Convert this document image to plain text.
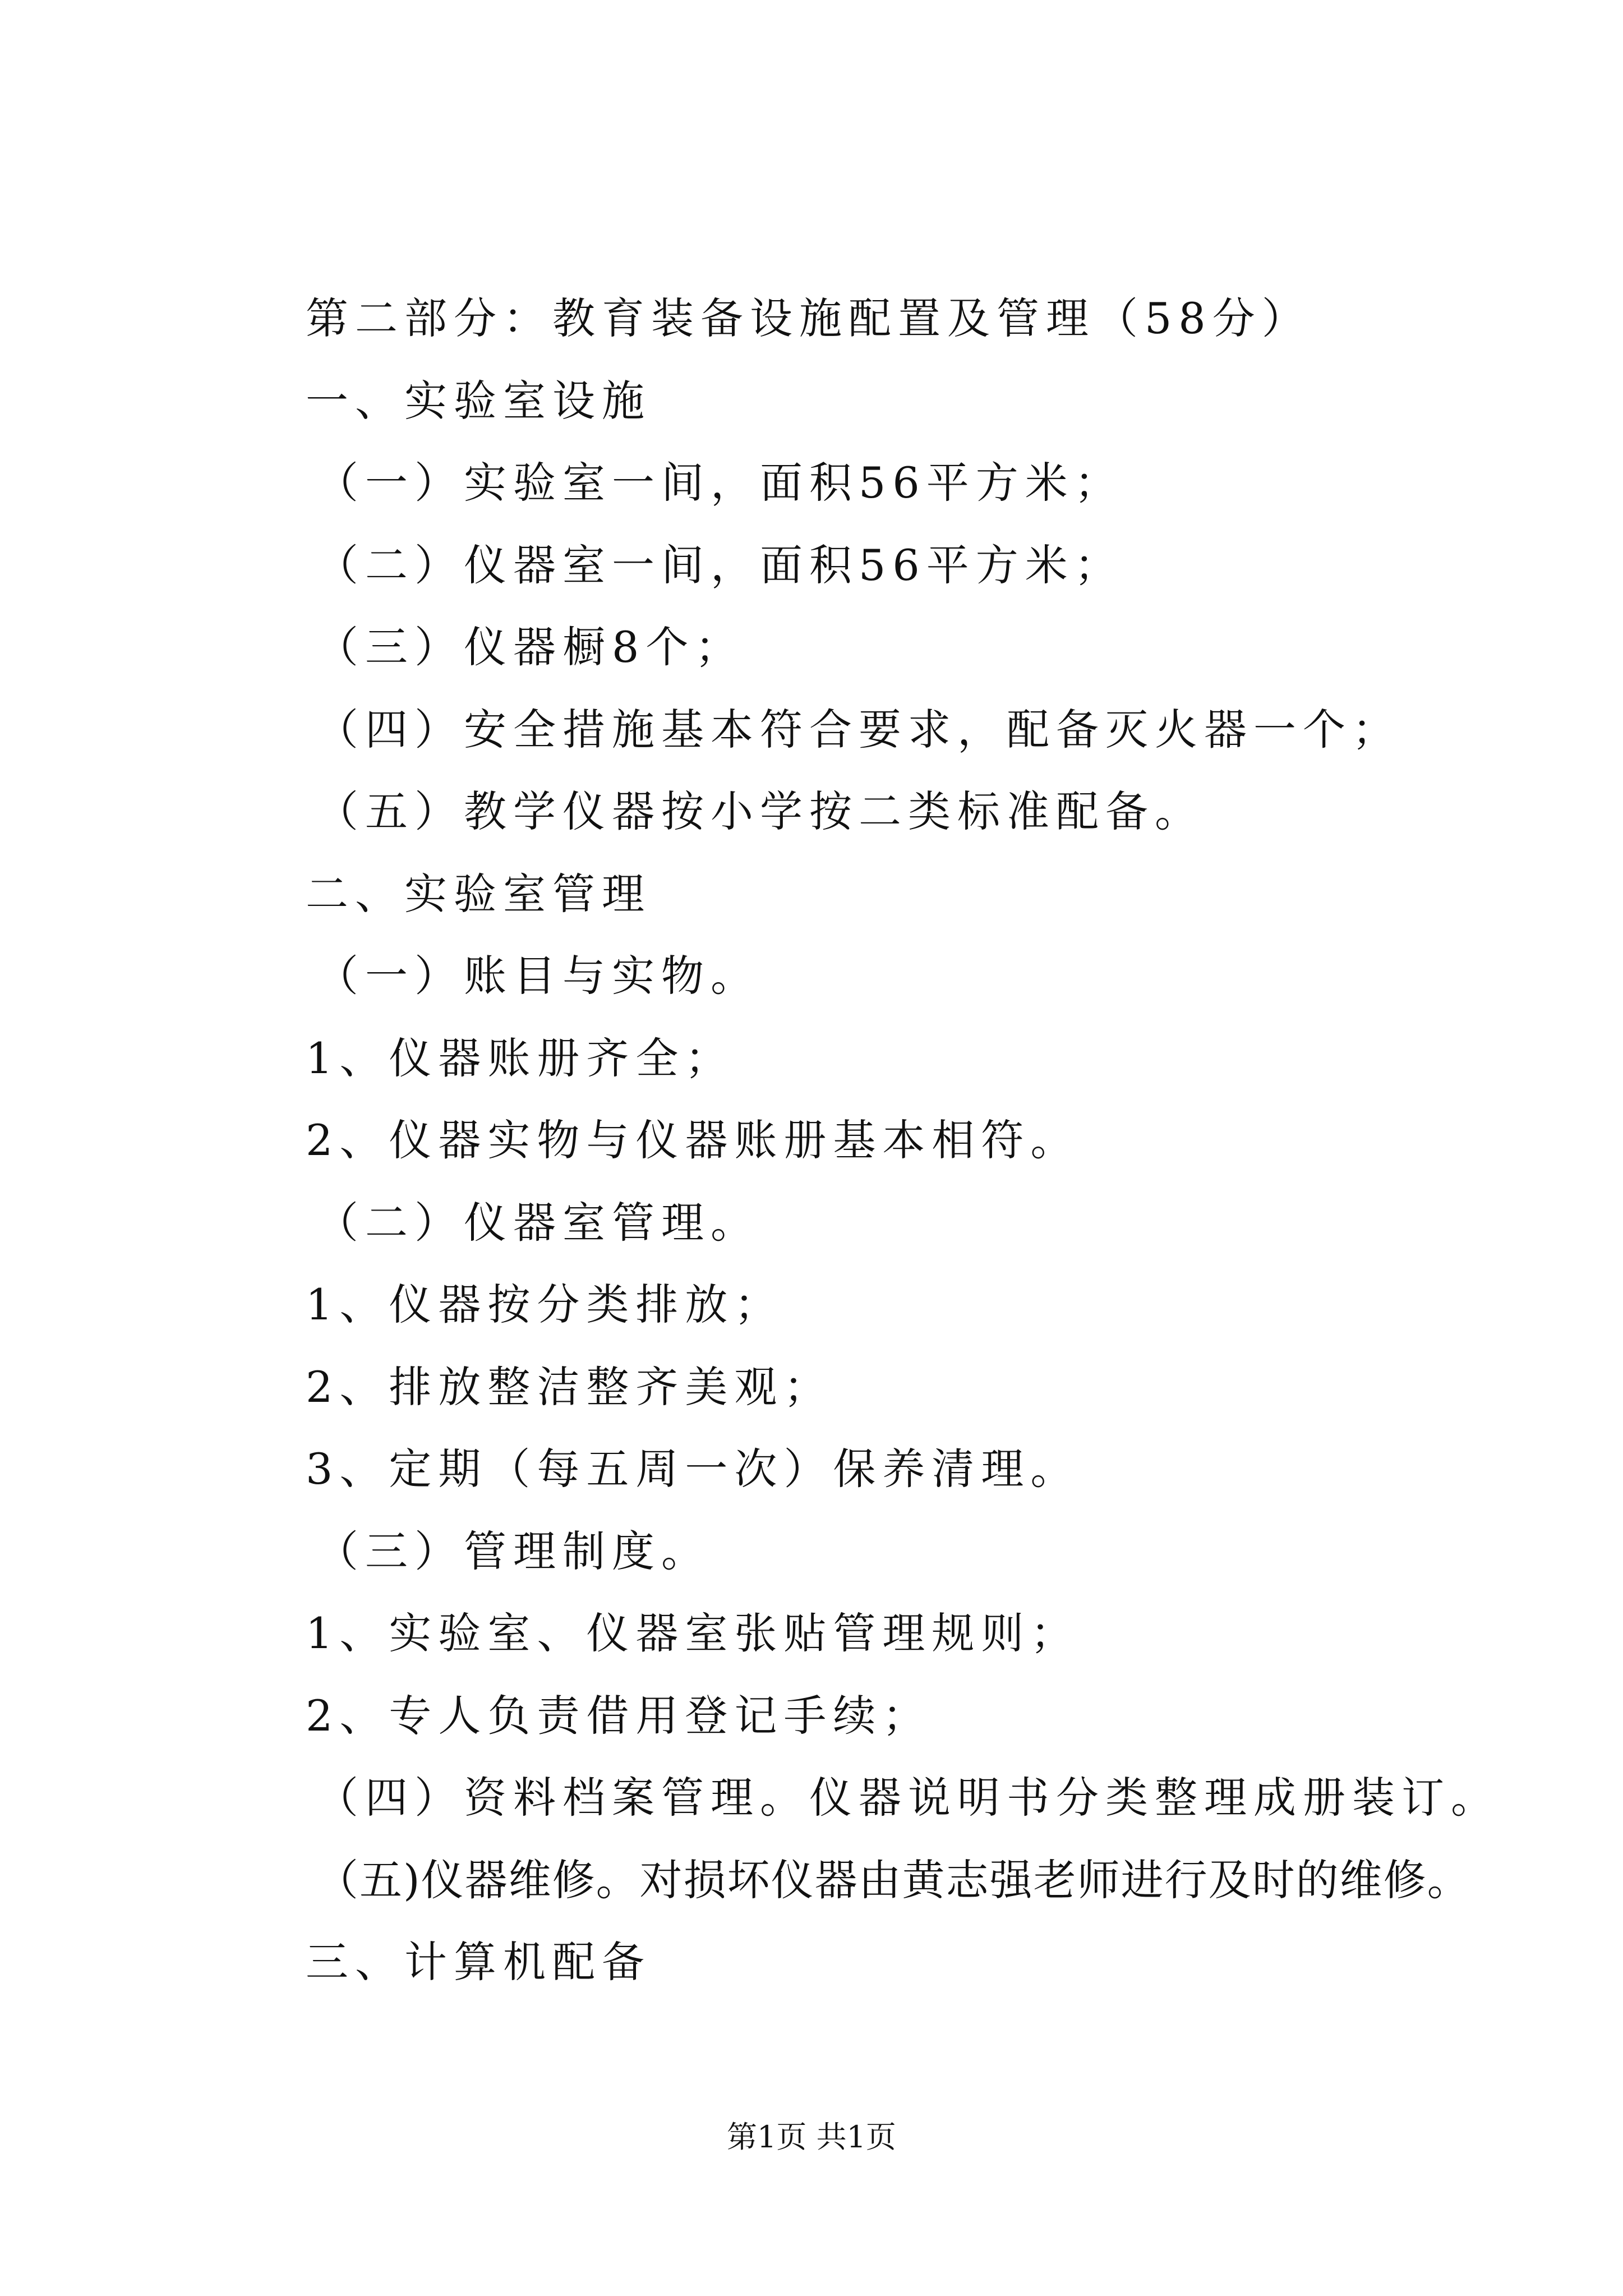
第二部分：教育装备设施配置及管理（58分）
一、实验室设施
（一）实验室一间，面积56平方米；
（二）仪器室一间，面积56平方米；
（三）仪器橱8个；
（四）安全措施基本符合要求，配备灭火器一个；
（五）教学仪器按小学按二类标准配备。
二、实验室管理
（一）账目与实物。
1、仪器账册齐全；
2、仪器实物与仪器账册基本相符。
（二）仪器室管理。
1、仪器按分类排放；
2、排放整洁整齐美观；
3、定期（每五周一次）保养清理。
（三）管理制度。
1、实验室、仪器室张贴管理规则；
2、专人负责借用登记手续；
（四）资料档案管理。仪器说明书分类整理成册装订。
（五)仪器维修。对损坏仪器由黄志强老师进行及时的维修。
三、计算机配备
第1页 共1页
